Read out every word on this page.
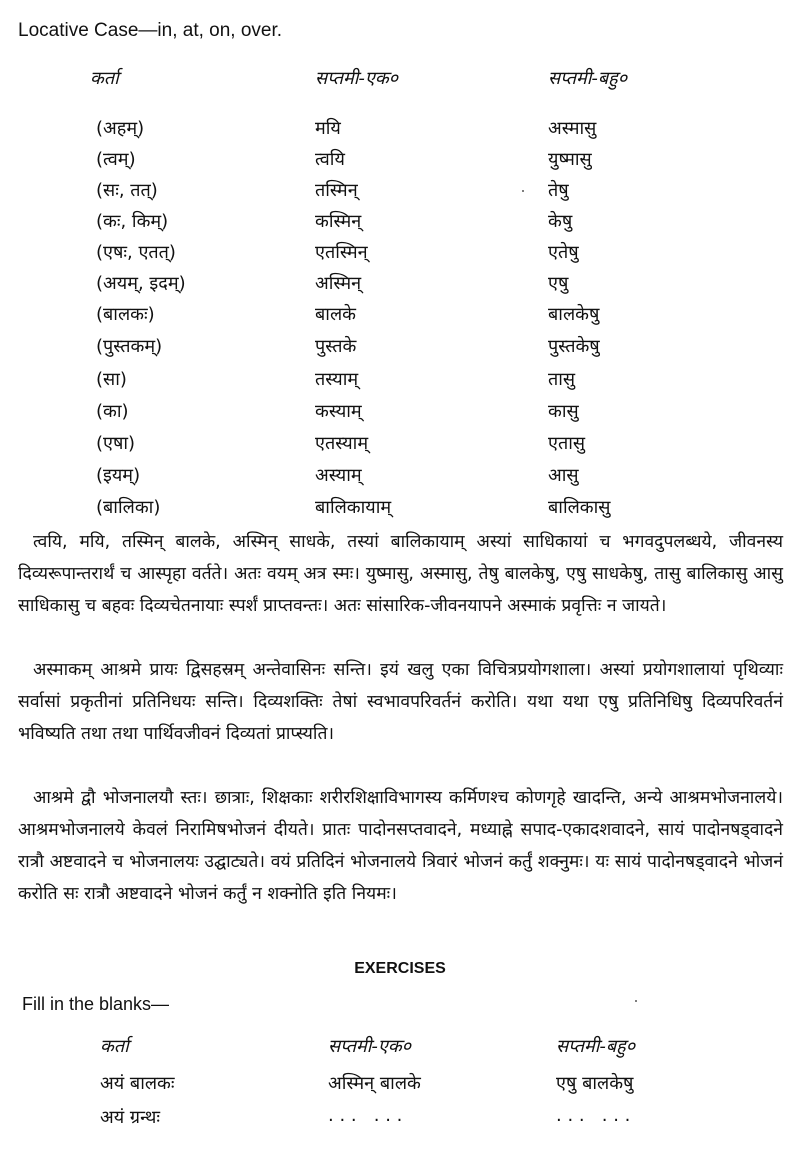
Locative Case—in, at, on, over.
कर्ता	सप्तमी-एक०	सप्तमी-बहु०
(अहम्)	मयि	अस्मासु
(त्वम्)	त्वयि	युष्मासु
(सः, तत्)	तस्मिन्	तेषु
(कः, किम्)	कस्मिन्	केषु
(एषः, एतत्)	एतस्मिन्	एतेषु
(अयम्, इदम्)	अस्मिन्	एषु
(बालकः)	बालके	बालकेषु
(पुस्तकम्)	पुस्तके	पुस्तकेषु
(सा)	तस्याम्	तासु
(का)	कस्याम्	कासु
(एषा)	एतस्याम्	एतासु
(इयम्)	अस्याम्	आसु
(बालिका)	बालिकायाम्	बालिकासु
त्वयि, मयि, तस्मिन् बालके, अस्मिन् साधके, तस्यां बालिकायाम् अस्यां साधिकायां च भगवदुपलब्धये, जीवनस्य दिव्यरूपान्तरार्थं च आस्पृहा वर्तते। अतः वयम् अत्र स्मः। युष्मासु, अस्मासु, तेषु बालकेषु, एषु साधकेषु, तासु बालिकासु आसु साधिकासु च बहवः दिव्यचेतनायाः स्पर्शं प्राप्तवन्तः। अतः सांसारिक-जीवनयापने अस्माकं प्रवृत्तिः न जायते।
अस्माकम् आश्रमे प्रायः द्विसहस्रम् अन्तेवासिनः सन्ति। इयं खलु एका विचित्रप्रयोगशाला। अस्यां प्रयोगशालायां पृथिव्याः सर्वासां प्रकृतीनां प्रतिनिधयः सन्ति। दिव्यशक्तिः तेषां स्वभावपरिवर्तनं करोति। यथा यथा एषु प्रतिनिधिषु दिव्यपरिवर्तनं भविष्यति तथा तथा पार्थिवजीवनं दिव्यतां प्राप्स्यति।
आश्रमे द्वौ भोजनालयौ स्तः। छात्राः, शिक्षकाः शरीरशिक्षाविभागस्य कर्मिणश्च कोणगृहे खादन्ति, अन्ये आश्रमभोजनालये। आश्रमभोजनालये केवलं निरामिषभोजनं दीयते। प्रातः पादोनसप्तवादने, मध्याह्ने सपाद-एकादशवादने, सायं पादोनषड्वादने रात्रौ अष्टवादने च भोजनालयः उद्घाट्यते। वयं प्रतिदिनं भोजनालये त्रिवारं भोजनं कर्तुं शक्नुमः। यः सायं पादोनषड्वादने भोजनं करोति सः रात्रौ अष्टवादने भोजनं कर्तुं न शक्नोति इति नियमः।
EXERCISES
Fill in the blanks—
कर्ता	सप्तमी-एक०	सप्तमी-बहु०
अयं बालकः	अस्मिन् बालके	एषु बालकेषु
अयं ग्रन्थः	. . .   . . .	. . .   . . .
